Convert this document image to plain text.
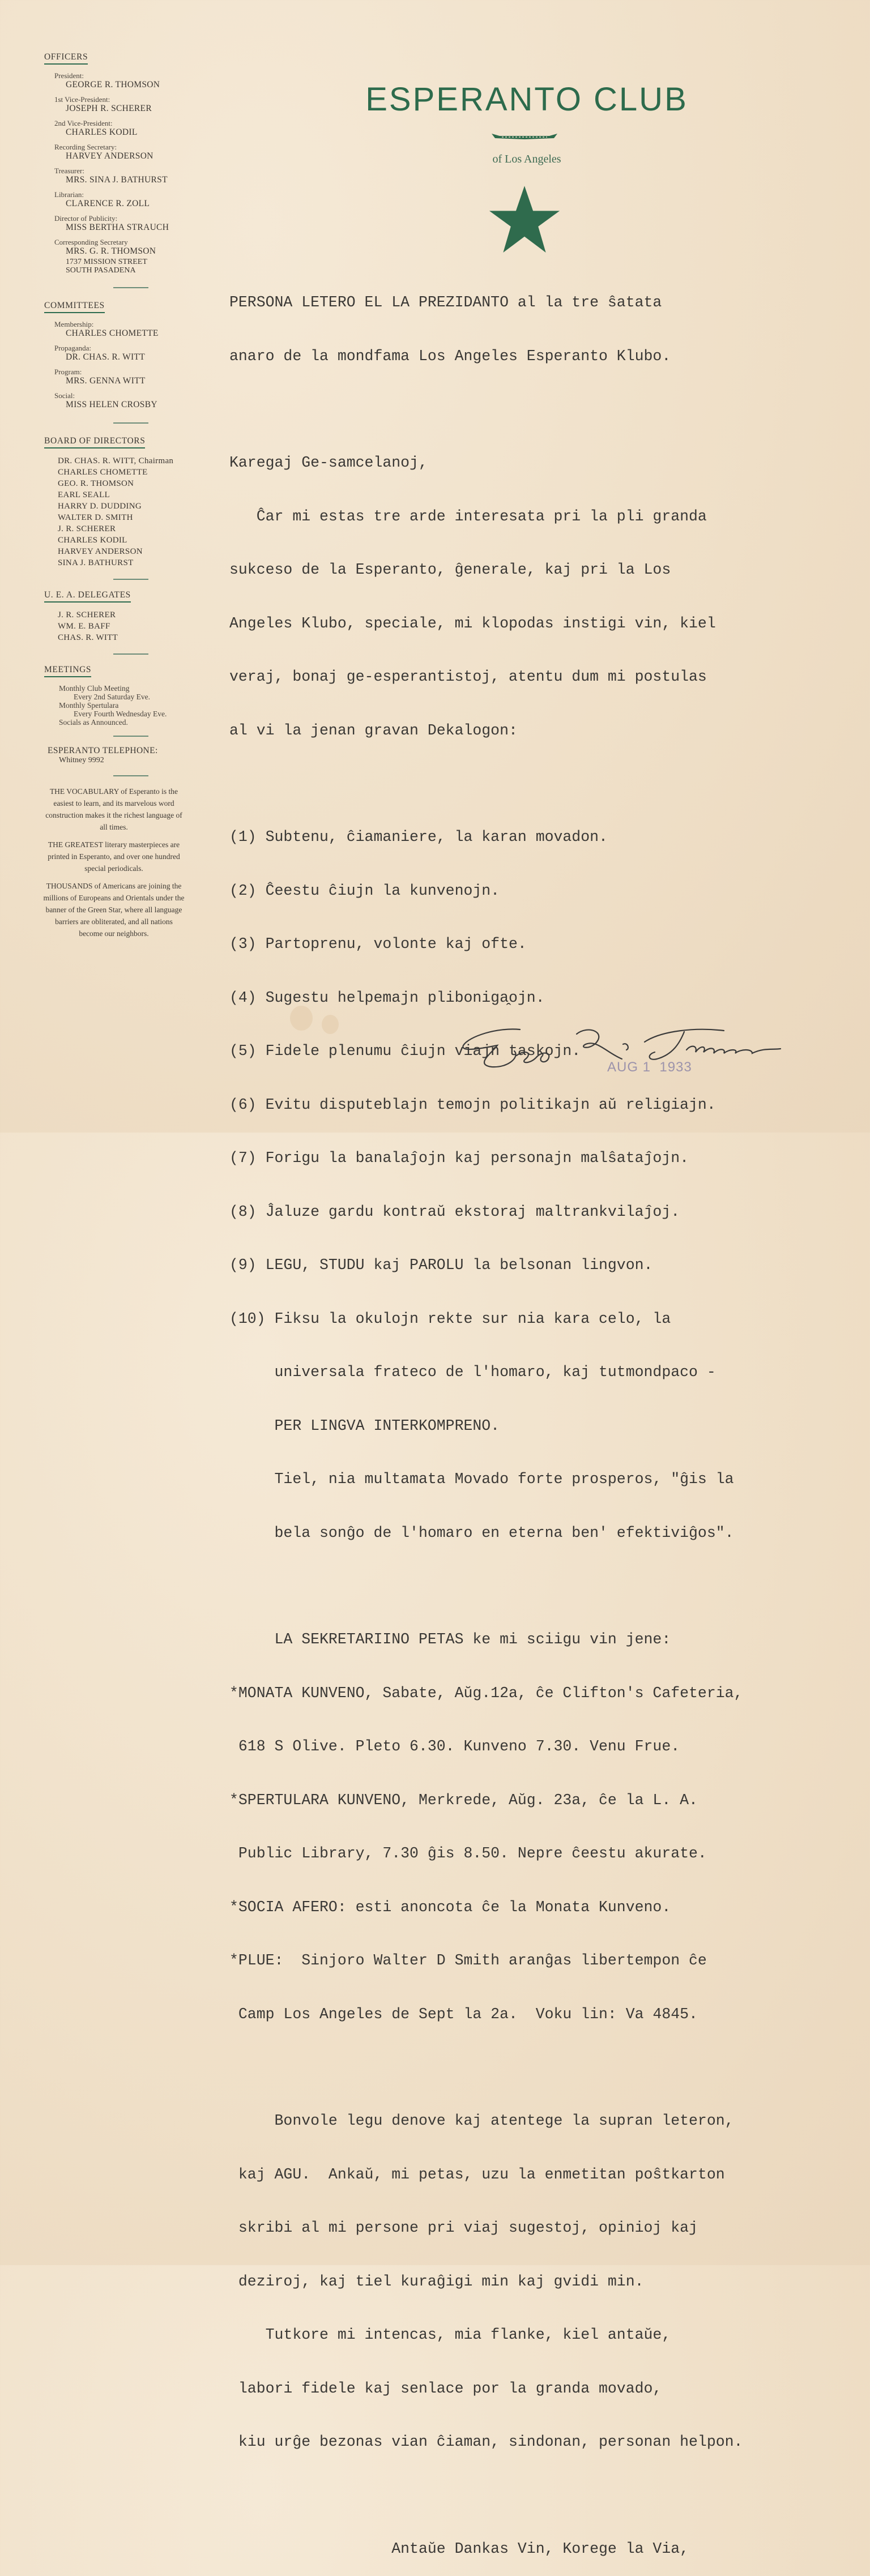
OFFICERS
President:
GEORGE R. THOMSON
1st Vice-President:
JOSEPH R. SCHERER
2nd Vice-President:
CHARLES KODIL
Recording Secretary:
HARVEY ANDERSON
Treasurer:
MRS. SINA J. BATHURST
Librarian:
CLARENCE R. ZOLL
Director of Publicity:
MISS BERTHA STRAUCH
Corresponding Secretary
MRS. G. R. THOMSON
1737 MISSION STREET
SOUTH PASADENA
COMMITTEES
Membership:
CHARLES CHOMETTE
Propaganda:
DR. CHAS. R. WITT
Program:
MRS. GENNA WITT
Social:
MISS HELEN CROSBY
BOARD OF DIRECTORS
DR. CHAS. R. WITT, Chairman
CHARLES CHOMETTE
GEO. R. THOMSON
EARL SEALL
HARRY D. DUDDING
WALTER D. SMITH
J. R. SCHERER
CHARLES KODIL
HARVEY ANDERSON
SINA J. BATHURST
U. E. A. DELEGATES
J. R. SCHERER
WM. E. BAFF
CHAS. R. WITT
MEETINGS
Monthly Club Meeting
Every 2nd Saturday Eve.
Monthly Spertulara
Every Fourth Wednesday Eve.
Socials as Announced.
ESPERANTO TELEPHONE:
Whitney 9992
THE VOCABULARY of Esperanto is the easiest to learn, and its marvelous word construction makes it the richest language of all times.
THE GREATEST literary masterpieces are printed in Esperanto, and over one hundred special periodicals.
THOUSANDS of Americans are joining the millions of Europeans and Orientals under the banner of the Green Star, where all language barriers are obliterated, and all nations become our neighbors.
ESPERANTO CLUB
of Los Angeles

PERSONA LETERO EL LA PREZIDANTO al la tre ŝatata

anaro de la mondfama Los Angeles Esperanto Klubo.

Karegaj Ge-samcelanoj,

Ĉar mi estas tre arde interesata pri la pli granda

sukceso de la Esperanto, ĝenerale, kaj pri la Los

Angeles Klubo, speciale, mi klopodas instigi vin, kiel

veraj, bonaj ge-esperantistoj, atentu dum mi postulas

al vi la jenan gravan Dekalogon:

(1) Subtenu, ĉiamaniere, la karan movadon.

(2) Ĉeestu ĉiujn la kunvenojn.

(3) Partoprenu, volonte kaj ofte.

(4) Sugestu helpemajn pliboniga̭ojn.

(5) Fidele plenumu ĉiujn viajn taskojn.

(6) Evitu disputeblajn temojn politikajn aŭ religiajn.

(7) Forigu la banalaĵojn kaj personajn malŝataĵojn.

(8) Ĵaluze gardu kontraŭ ekstoraj maltrankvilaĵoj.

(9) LEGU, STUDU kaj PAROLU la belsonan lingvon.

(10) Fiksu la okulojn rekte sur nia kara celo, la

universala frateco de l'homaro, kaj tutmondpaco -

PER LINGVA INTERKOMPRENO.

Tiel, nia multamata Movado forte prosperos, "ĝis la

bela sonĝo de l'homaro en eterna ben' efektiviĝos".

LA SEKRETARIINO PETAS ke mi sciigu vin jene:

*MONATA KUNVENO, Sabate, Aŭg.12a, ĉe Clifton's Cafeteria,

618 S Olive. Pleto 6.30. Kunveno 7.30. Venu Frue.

*SPERTULARA KUNVENO, Merkrede, Aŭg. 23a, ĉe la L. A.

Public Library, 7.30 ĝis 8.50. Nepre ĉeestu akurate.

*SOCIA AFERO: esti anoncota ĉe la Monata Kunveno.

*PLUE:  Sinjoro Walter D Smith aranĝas libertempon ĉe

Camp Los Angeles de Sept la 2a.  Voku lin: Va 4845.

Bonvole legu denove kaj atentege la supran leteron,

kaj AGU.  Ankaŭ, mi petas, uzu la enmetitan poŝtkarton

skribi al mi persone pri viaj sugestoj, opinioj kaj

deziroj, kaj tiel kuraĝigi min kaj gvidi min.

Tutkore mi intencas, mia flanke, kiel antaŭe,

labori fidele kaj senlace por la granda movado,

kiu urĝe bezonas vian ĉiaman, sindonan, personan helpon.

Antaŭe Dankas Vin, Korege la Via,

AUG 1  1933
